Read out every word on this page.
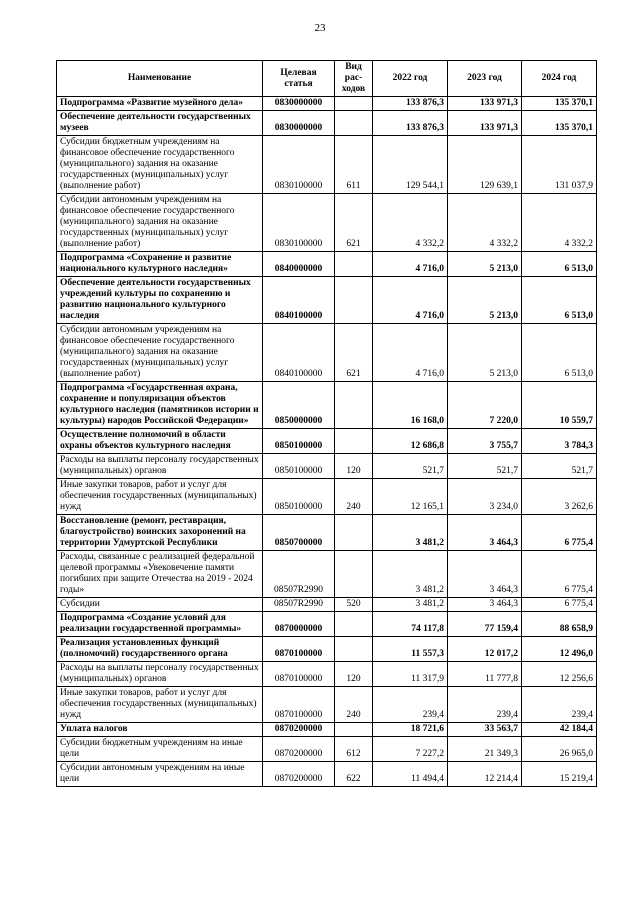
23
Наименование	Целевая статья	Вид рас-ходов	2022 год	2023 год	2024 год
Подпрограмма «Развитие музейного дела»	0830000000		133 876,3	133 971,3	135 370,1
Обеспечение деятельности государственных музеев	0830000000		133 876,3	133 971,3	135 370,1
Субсидии бюджетным учреждениям на финансовое обеспечение государственного (муниципального) задания на оказание государственных (муниципальных) услуг (выполнение работ)	0830100000	611	129 544,1	129 639,1	131 037,9
Субсидии автономным учреждениям на финансовое обеспечение государственного (муниципального) задания на оказание государственных (муниципальных) услуг (выполнение работ)	0830100000	621	4 332,2	4 332,2	4 332,2
Подпрограмма «Сохранение и развитие национального культурного наследия»	0840000000		4 716,0	5 213,0	6 513,0
Обеспечение деятельности государственных учреждений культуры по сохранению и развитию национального культурного наследия	0840100000		4 716,0	5 213,0	6 513,0
Субсидии автономным учреждениям на финансовое обеспечение государственного (муниципального) задания на оказание государственных (муниципальных) услуг (выполнение работ)	0840100000	621	4 716,0	5 213,0	6 513,0
Подпрограмма «Государственная охрана, сохранение и популяризация объектов культурного наследия (памятников истории и культуры) народов Российской Федерации»	0850000000		16 168,0	7 220,0	10 559,7
Осуществление полномочий в области охраны объектов культурного наследия	0850100000		12 686,8	3 755,7	3 784,3
Расходы на выплаты персоналу государственных (муниципальных) органов	0850100000	120	521,7	521,7	521,7
Иные закупки товаров, работ и услуг для обеспечения государственных (муниципальных) нужд	0850100000	240	12 165,1	3 234,0	3 262,6
Восстановление (ремонт, реставрация, благоустройство) воинских захоронений на территории Удмуртской Республики	0850700000		3 481,2	3 464,3	6 775,4
Расходы, связанные с реализацией федеральной целевой программы «Увековечение памяти погибших при защите Отечества на 2019 - 2024 годы»	08507R2990		3 481,2	3 464,3	6 775,4
Субсидии	08507R2990	520	3 481,2	3 464,3	6 775,4
Подпрограмма «Создание условий для реализации государственной программы»	0870000000		74 117,8	77 159,4	88 658,9
Реализация установленных функций (полномочий) государственного органа	0870100000		11 557,3	12 017,2	12 496,0
Расходы на выплаты персоналу государственных (муниципальных) органов	0870100000	120	11 317,9	11 777,8	12 256,6
Иные закупки товаров, работ и услуг для обеспечения государственных (муниципальных) нужд	0870100000	240	239,4	239,4	239,4
Уплата налогов	0870200000		18 721,6	33 563,7	42 184,4
Субсидии бюджетным учреждениям на иные цели	0870200000	612	7 227,2	21 349,3	26 965,0
Субсидии автономным учреждениям на иные цели	0870200000	622	11 494,4	12 214,4	15 219,4
